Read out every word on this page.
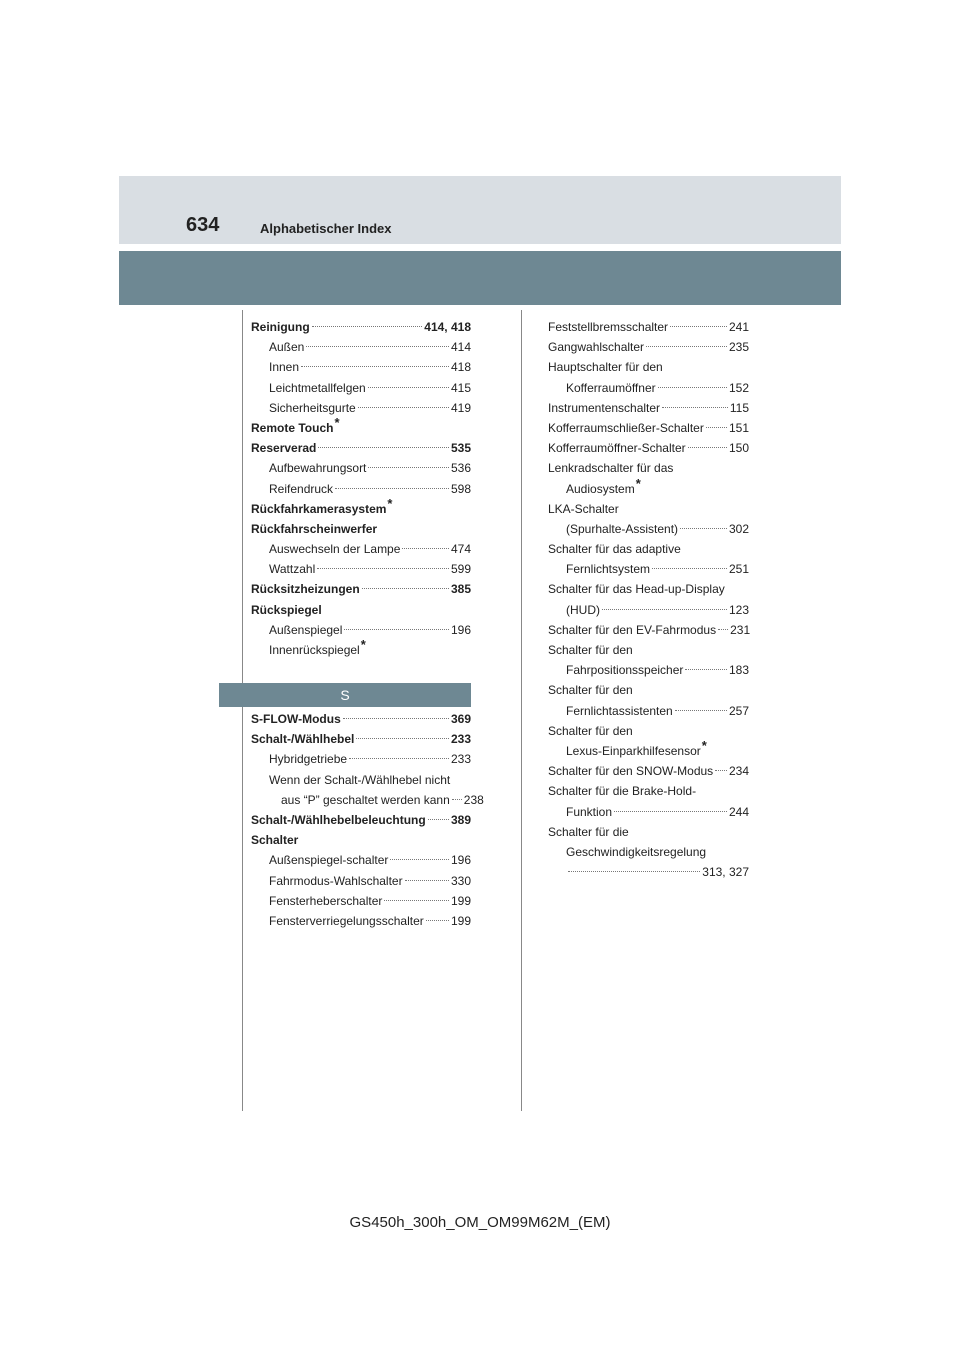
634	Alphabetischer Index
Reinigung	414, 418
Außen	414
Innen	418
Leichtmetallfelgen	415
Sicherheitsgurte	419
Remote Touch*
Reserverad	535
Aufbewahrungsort	536
Reifendruck	598
Rückfahrkamerasystem*
Rückfahrscheinwerfer
Auswechseln der Lampe	474
Wattzahl	599
Rücksitzheizungen	385
Rückspiegel
Außenspiegel	196
Innenrückspiegel*
S
S-FLOW-Modus	369
Schalt-/Wählhebel	233
Hybridgetriebe	233
Wenn der Schalt-/Wählhebel nicht
aus “P” geschaltet werden kann 238
Schalt-/Wählhebelbeleuchtung 389
Schalter
Außenspiegel-schalter	196
Fahrmodus-Wahlschalter	330
Fensterheberschalter	199
Fensterverriegelungsschalter 199
Feststellbremsschalter	241
Gangwahlschalter	235
Hauptschalter für den
Kofferraumöffner	152
Instrumentenschalter	115
Kofferraumschließer-Schalter 151
Kofferraumöffner-Schalter	150
Lenkradschalter für das
Audiosystem*
LKA-Schalter
(Spurhalte-Assistent)	302
Schalter für das adaptive
Fernlichtsystem	251
Schalter für das Head-up-Display
(HUD)	123
Schalter für den EV-Fahrmodus 231
Schalter für den
Fahrpositionsspeicher	183
Schalter für den
Fernlichtassistenten	257
Schalter für den
Lexus-Einparkhilfesensor*
Schalter für den SNOW-Modus 234
Schalter für die Brake-Hold-
Funktion	244
Schalter für die
Geschwindigkeitsregelung
313, 327
GS450h_300h_OM_OM99M62M_(EM)
